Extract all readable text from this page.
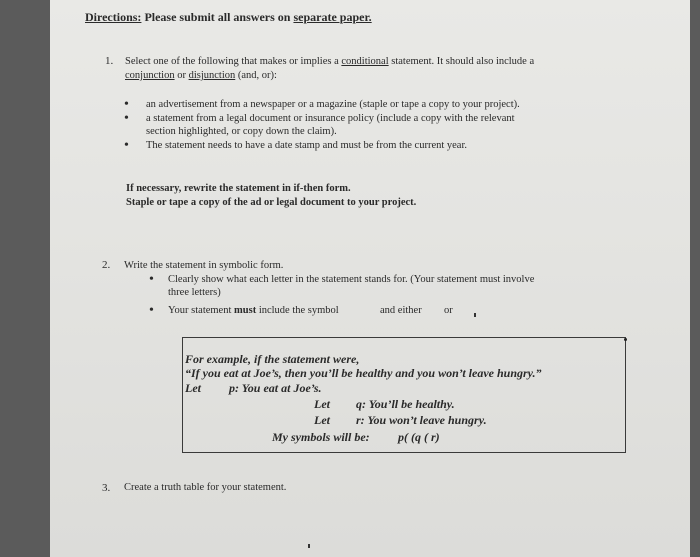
Directions: Please submit all answers on separate paper.
1. Select one of the following that makes or implies a conditional statement. It should also include a
conjunction or disjunction (and, or):
• an advertisement from a newspaper or a magazine (staple or tape a copy to your project).
• a statement from a legal document or insurance policy (include a copy with the relevant
section highlighted, or copy down the claim).
• The statement needs to have a date stamp and must be from the current year.
If necessary, rewrite the statement in if-then form.
Staple or tape a copy of the ad or legal document to your project.
2. Write the statement in symbolic form.
• Clearly show what each letter in the statement stands for. (Your statement must involve
three letters)
• Your statement must include the symbol	and either or
For example, if the statement were,
“If you eat at Joe’s, then you’ll be healthy and you won’t leave hungry.”
Let p: You eat at Joe’s.
Let q: You’ll be healthy.
Let r: You won’t leave hungry.
My symbols will be: p( (q ( r)
3. Create a truth table for your statement.
